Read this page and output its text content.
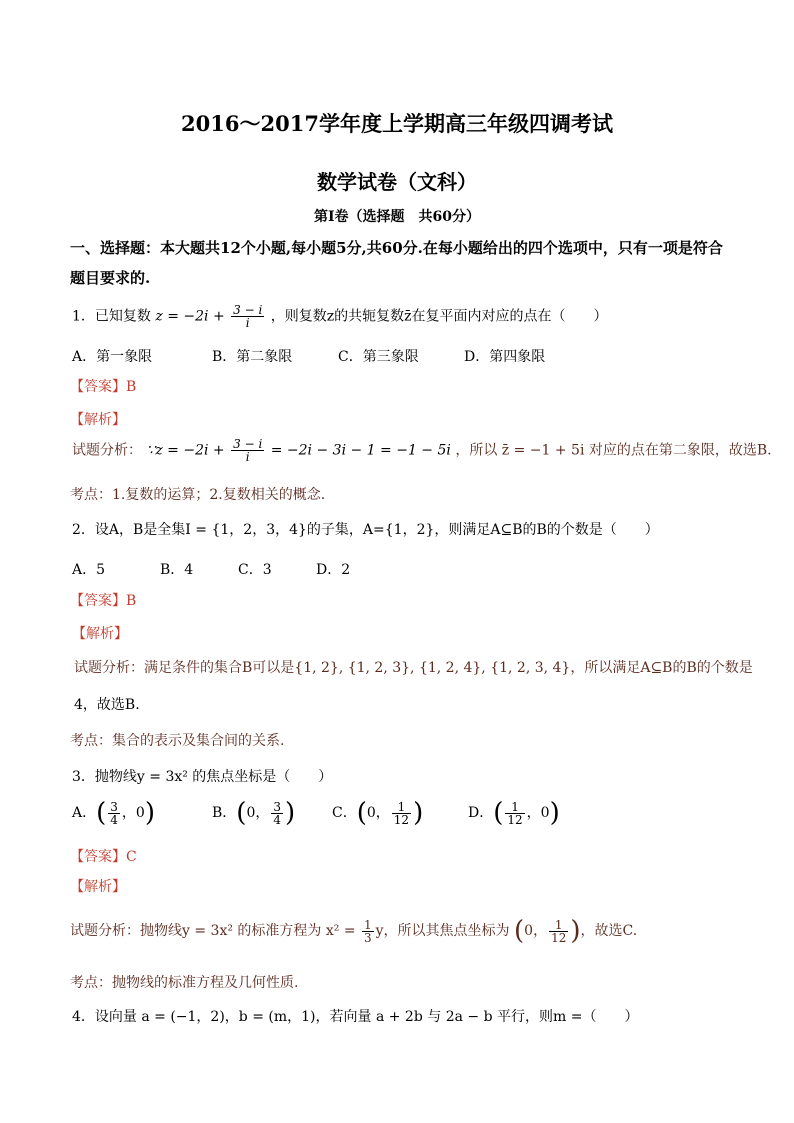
2016～2017学年度上学期高三年级四调考试
数学试卷（文科）
第Ⅰ卷（选择题　共60分）
一、选择题：本大题共12个小题,每小题5分,共60分.在每小题给出的四个选项中，只有一项是符合题目要求的.
1．已知复数 $z = -2i + \frac{3 - i}{i}$ ，则复数z的共轭复数z̄在复平面内对应的点在（　　）
A．第一象限	B．第二象限	C．第三象限	D．第四象限
【答案】B
【解析】
试题分析： ∵z = $-2i + \frac{3 - i}{i} = -2i - 3i - 1 = -1 - 5i$ ，所以 z̄ = −1 + 5i 对应的点在第二象限，故选B.
考点：1.复数的运算；2.复数相关的概念.
2．设A，B是全集I = {1，2，3，4}的子集，A={1，2}，则满足A⊆B的B的个数是（　　）
A．5	B．4	C．3	D．2
【答案】B
【解析】
试题分析：满足条件的集合B可以是{1, 2}, {1, 2, 3}, {1, 2, 4}, {1, 2, 3, 4}，所以满足A⊆B的B的个数是
4，故选B.
考点：集合的表示及集合间的关系.
3．抛物线y = 3x² 的焦点坐标是（　　）
A．( $\frac{3}{4}$ ，0)	B．(0， $\frac{3}{4}$ )	C．(0， $\frac{1}{12}$ )	D．( $\frac{1}{12}$ ，0)
【答案】C
【解析】
试题分析：抛物线y = 3x² 的标准方程为 $x^2 = \frac{1}{3}$ y，所以其焦点坐标为 (0， $\frac{1}{12}$ )，故选C.
考点：抛物线的标准方程及几何性质.
4．设向量 a = (−1，2)，b = (m，1)，若向量 a + 2b 与 2a − b 平行，则m =（　　）
